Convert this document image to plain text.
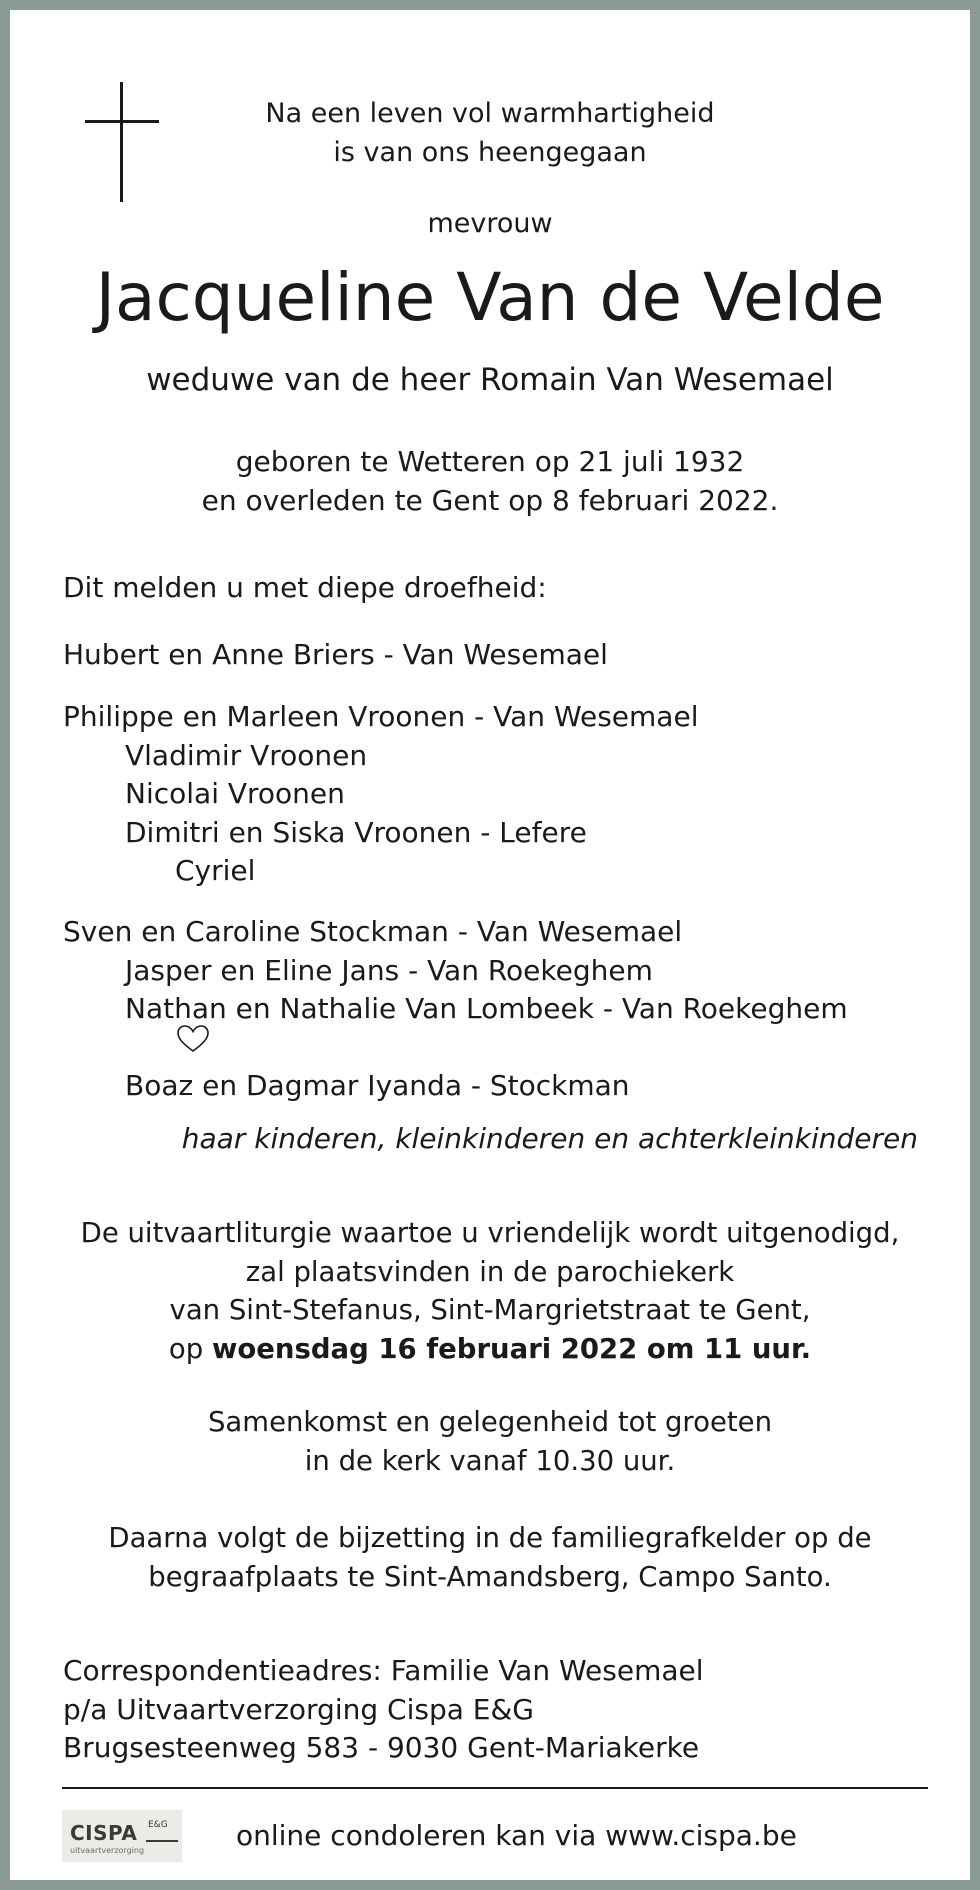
Na een leven vol warmhartigheid
is van ons heengegaan
mevrouw
Jacqueline Van de Velde
weduwe van de heer Romain Van Wesemael
geboren te Wetteren op 21 juli 1932
en overleden te Gent op 8 februari 2022.
Dit melden u met diepe droefheid:
Hubert en Anne Briers - Van Wesemael
Philippe en Marleen Vroonen - Van Wesemael
Vladimir Vroonen
Nicolai Vroonen
Dimitri en Siska Vroonen - Lefere
Cyriel
Sven en Caroline Stockman - Van Wesemael
Jasper en Eline Jans - Van Roekeghem
Nathan en Nathalie Van Lombeek - Van Roekeghem
Boaz en Dagmar Iyanda - Stockman
haar kinderen, kleinkinderen en achterkleinkinderen
De uitvaartliturgie waartoe u vriendelijk wordt uitgenodigd,
zal plaatsvinden in de parochiekerk
van Sint-Stefanus, Sint-Margrietstraat te Gent,
op woensdag 16 februari 2022 om 11 uur.
Samenkomst en gelegenheid tot groeten
in de kerk vanaf 10.30 uur.
Daarna volgt de bijzetting in de familiegrafkelder op de
begraafplaats te Sint-Amandsberg, Campo Santo.
Correspondentieadres: Familie Van Wesemael
p/a Uitvaartverzorging Cispa E&G
Brugsesteenweg 583 - 9030 Gent-Mariakerke
CISPA E&G
uitvaartverzorging	online condoleren kan via www.cispa.be
